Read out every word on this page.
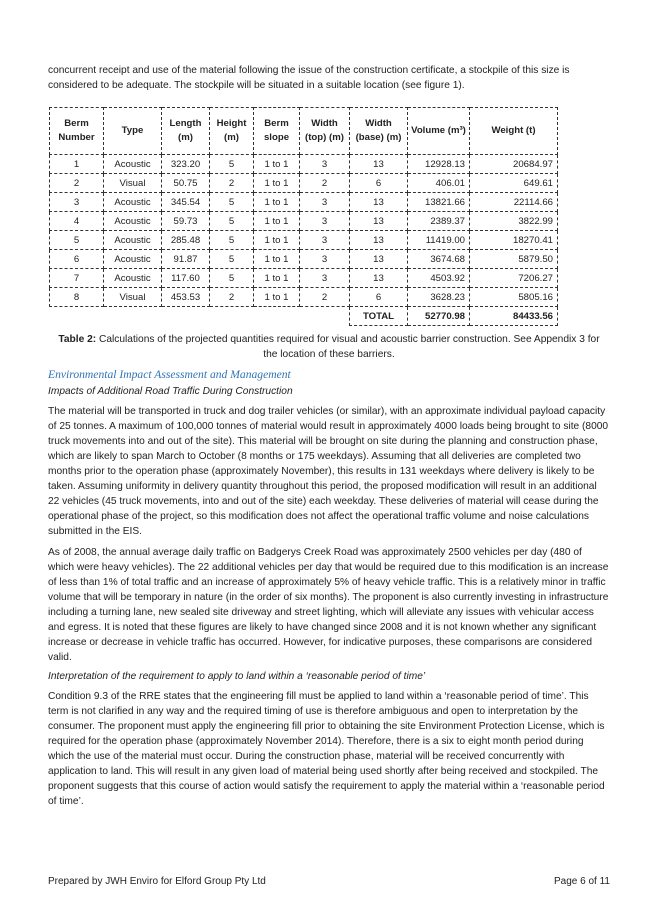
concurrent receipt and use of the material following the issue of the construction certificate, a stockpile of this size is considered to be adequate. The stockpile will be situated in a suitable location (see figure 1).

Berm Number	Type	Length (m)	Height (m)	Berm slope	Width (top) (m)	Width (base) (m)	Volume (m³)	Weight (t)
1	Acoustic	323.20	5	1 to 1	3	13	12928.13	20684.97
2	Visual	50.75	2	1 to 1	2	6	406.01	649.61
3	Acoustic	345.54	5	1 to 1	3	13	13821.66	22114.66
4	Acoustic	59.73	5	1 to 1	3	13	2389.37	3822.99
5	Acoustic	285.48	5	1 to 1	3	13	11419.00	18270.41
6	Acoustic	91.87	5	1 to 1	3	13	3674.68	5879.50
7	Acoustic	117.60	5	1 to 1	3	13	4503.92	7206.27
8	Visual	453.53	2	1 to 1	2	6	3628.23	5805.16
						TOTAL	52770.98	84433.56
Table 2: Calculations of the projected quantities required for visual and acoustic barrier construction. See Appendix 3 for the location of these barriers.
Environmental Impact Assessment and Management
Impacts of Additional Road Traffic During Construction

The material will be transported in truck and dog trailer vehicles (or similar), with an approximate individual payload capacity of 25 tonnes. A maximum of 100,000 tonnes of material would result in approximately 4000 loads being brought to site (8000 truck movements into and out of the site). This material will be brought on site during the planning and construction phase, which are likely to span March to October (8 months or 175 weekdays). Assuming that all deliveries are completed two months prior to the operation phase (approximately November), this results in 131 weekdays where delivery is likely to be taken. Assuming uniformity in delivery quantity throughout this period, the proposed modification will result in an additional 22 vehicles (45 truck movements, into and out of the site) each weekday. These deliveries of material will cease during the operational phase of the project, so this modification does not affect the operational traffic volume and noise calculations submitted in the EIS.

As of 2008, the annual average daily traffic on Badgerys Creek Road was approximately 2500 vehicles per day (480 of which were heavy vehicles). The 22 additional vehicles per day that would be required due to this modification is an increase of less than 1% of total traffic and an increase of approximately 5% of heavy vehicle traffic. This is a relatively minor in traffic volume that will be temporary in nature (in the order of six months). The proponent is also currently investing in infrastructure including a turning lane, new sealed site driveway and street lighting, which will alleviate any issues with vehicular access and egress. It is noted that these figures are likely to have changed since 2008 and it is not known whether any significant increase or decrease in vehicle traffic has occurred. However, for indicative purposes, these comparisons are considered valid.

Interpretation of the requirement to apply to land within a ‘reasonable period of time’

Condition 9.3 of the RRE states that the engineering fill must be applied to land within a ‘reasonable period of time’. This term is not clarified in any way and the required timing of use is therefore ambiguous and open to interpretation by the consumer. The proponent must apply the engineering fill prior to obtaining the site Environment Protection License, which is required for the operation phase (approximately November 2014). Therefore, there is a six to eight month period during which the use of the material must occur. During the construction phase, material will be received concurrently with application to land. This will result in any given load of material being used shortly after being received and stockpiled. The proponent suggests that this course of action would satisfy the requirement to apply the material within a ‘reasonable period of time’.

Prepared by JWH Enviro for Elford Group Pty Ltd	Page 6 of 11
